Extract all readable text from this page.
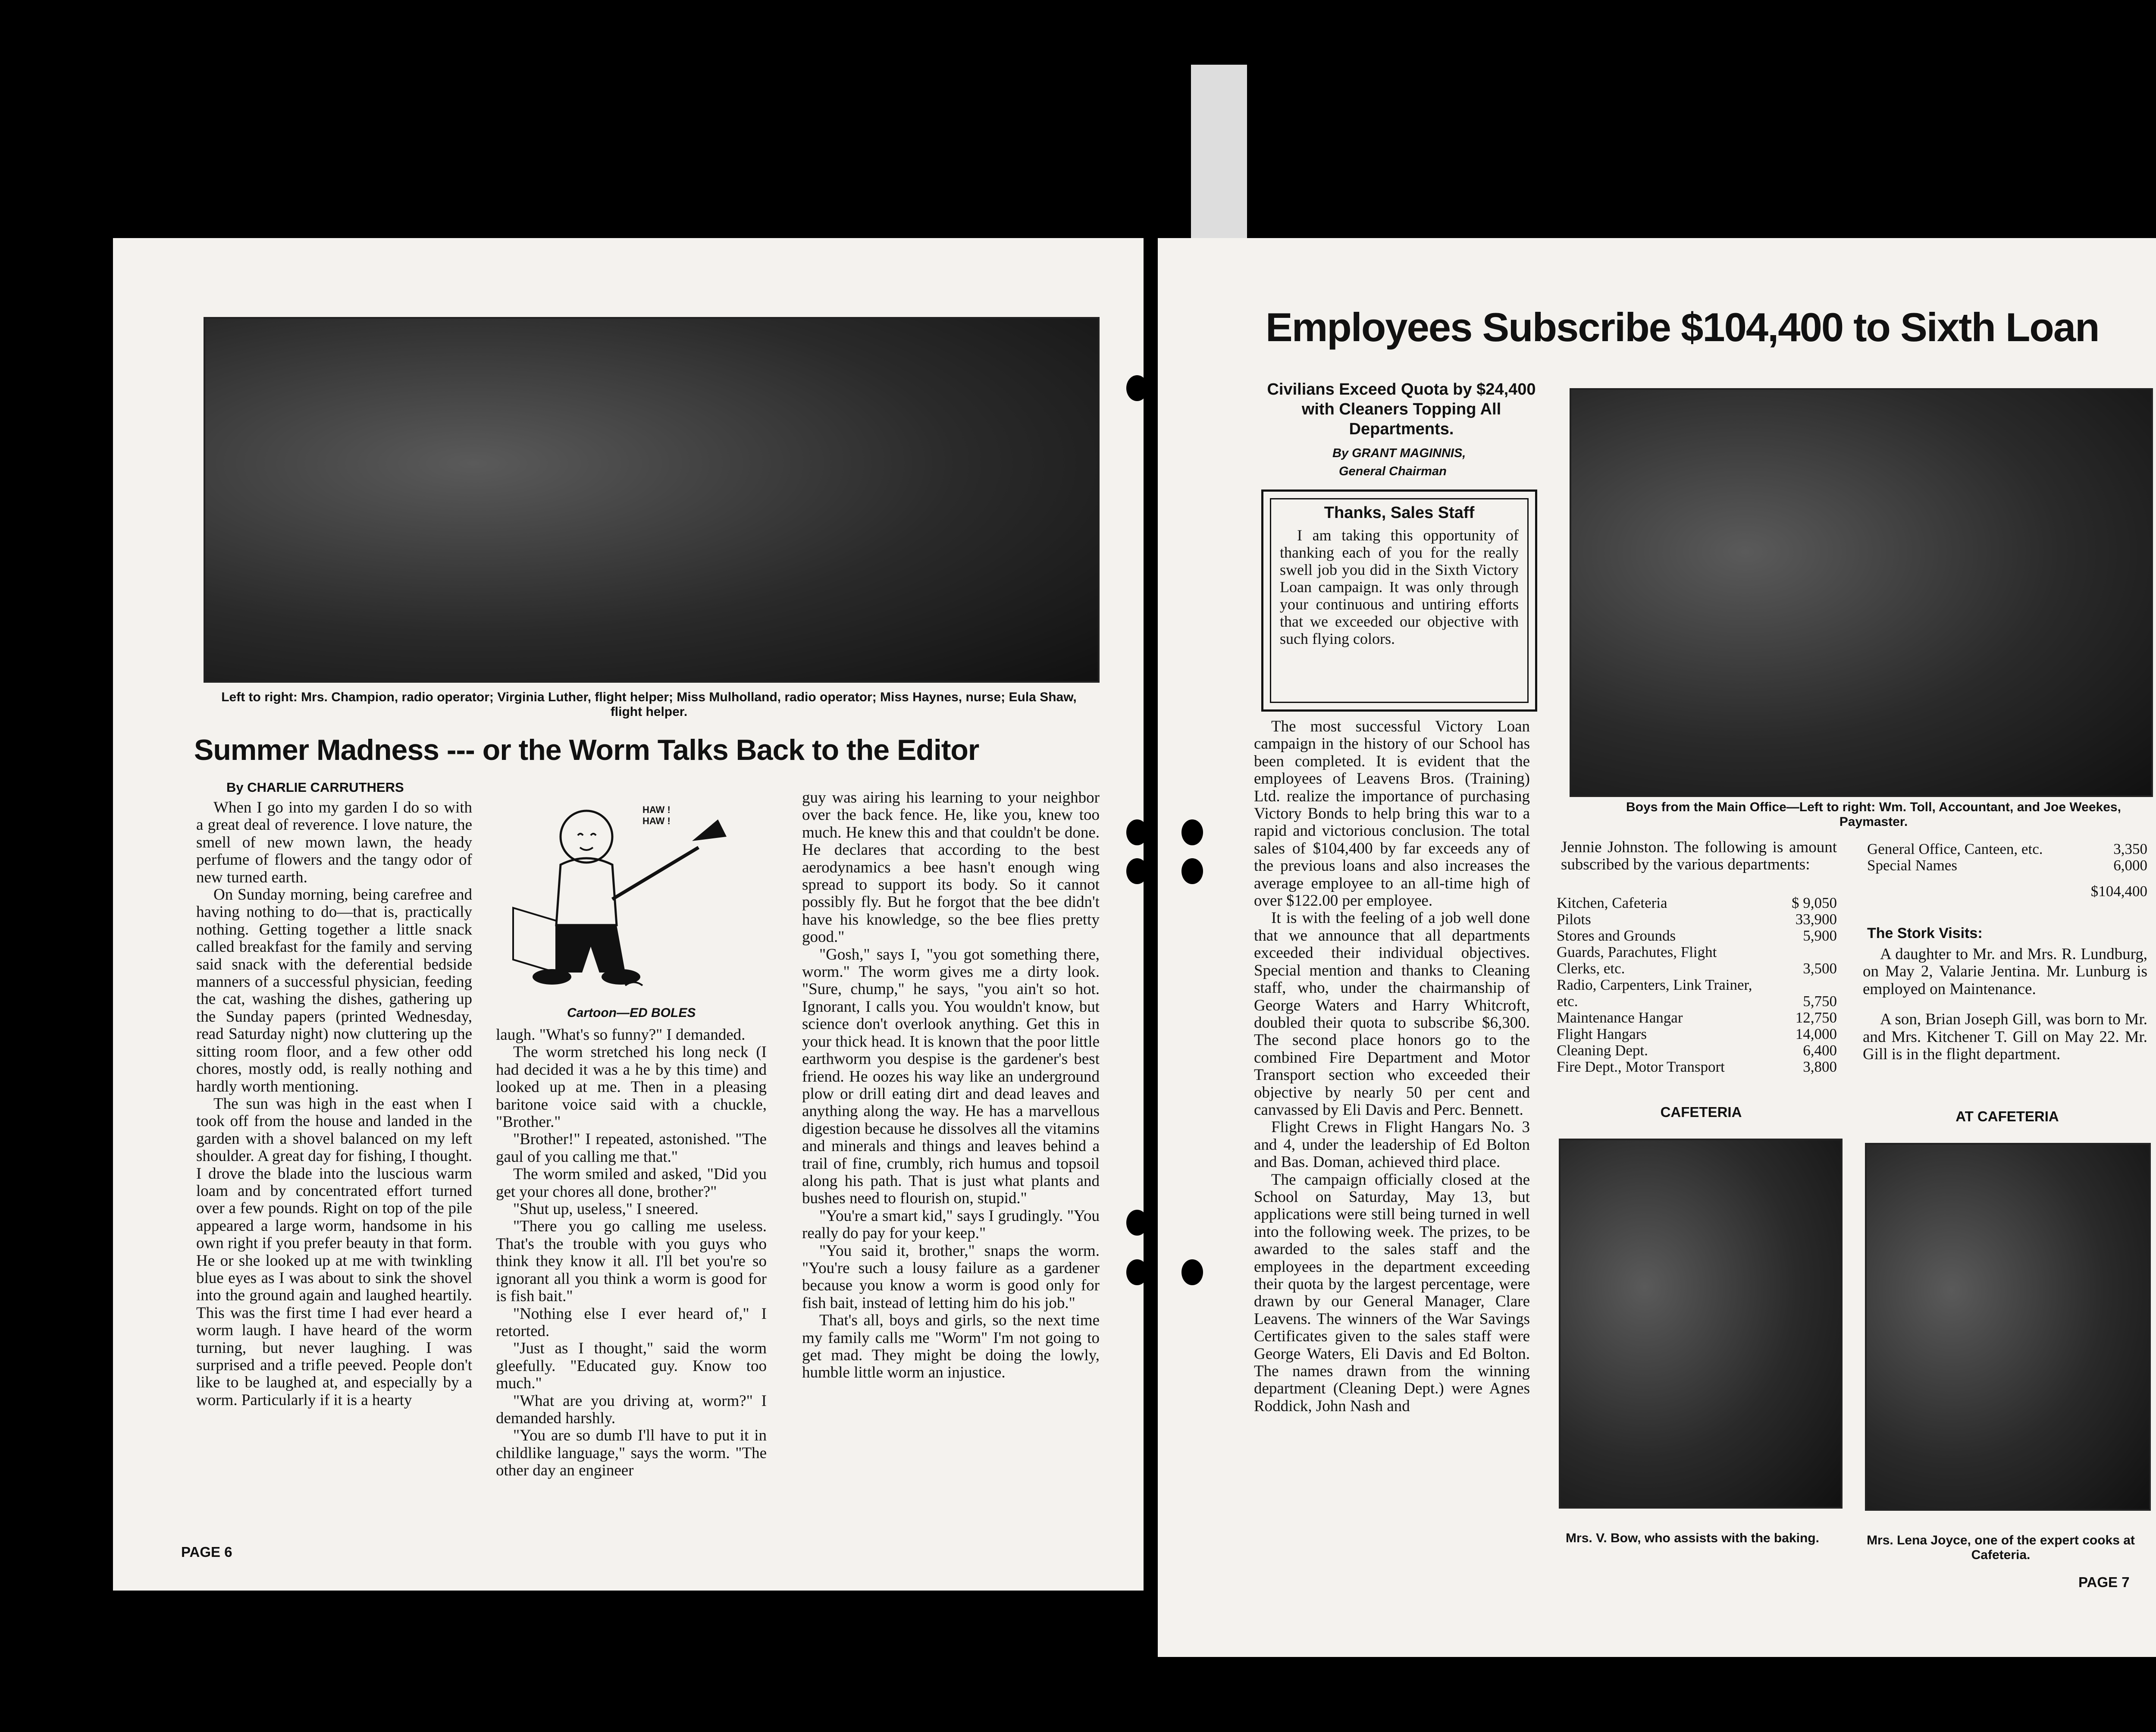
Left to right: Mrs. Champion, radio operator; Virginia Luther, flight helper; Miss Mulholland, radio operator; Miss Haynes, nurse; Eula Shaw, flight helper.
Summer Madness --- or the Worm Talks Back to the Editor
By CHARLIE CARRUTHERS

When I go into my garden I do so with a great deal of reverence. I love nature, the smell of new mown lawn, the heady perfume of flowers and the tangy odor of new turned earth.

On Sunday morning, being carefree and having nothing to do—that is, practically nothing. Getting together a little snack called breakfast for the family and serving said snack with the deferential bedside manners of a successful physician, feeding the cat, washing the dishes, gathering up the Sunday papers (printed Wednesday, read Saturday night) now cluttering up the sitting room floor, and a few other odd chores, mostly odd, is really nothing and hardly worth mentioning.

The sun was high in the east when I took off from the house and landed in the garden with a shovel balanced on my left shoulder. A great day for fishing, I thought. I drove the blade into the luscious warm loam and by concentrated effort turned over a few pounds. Right on top of the pile appeared a large worm, handsome in his own right if you prefer beauty in that form. He or she looked up at me with twinkling blue eyes as I was about to sink the shovel into the ground again and laughed heartily. This was the first time I had ever heard a worm laugh. I have heard of the worm turning, but never laughing. I was surprised and a trifle peeved. People don't like to be laughed at, and especially by a worm. Particularly if it is a hearty

HAW ! HAW !
Cartoon—ED BOLES

laugh. "What's so funny?" I demanded.

The worm stretched his long neck (I had decided it was a he by this time) and looked up at me. Then in a pleasing baritone voice said with a chuckle, "Brother."

"Brother!" I repeated, astonished. "The gaul of you calling me that."

The worm smiled and asked, "Did you get your chores all done, brother?"

"Shut up, useless," I sneered.

"There you go calling me useless. That's the trouble with you guys who think they know it all. I'll bet you're so ignorant all you think a worm is good for is fish bait."

"Nothing else I ever heard of," I retorted.

"Just as I thought," said the worm gleefully. "Educated guy. Know too much."

"What are you driving at, worm?" I demanded harshly.

"You are so dumb I'll have to put it in childlike language," says the worm. "The other day an engineer

guy was airing his learning to your neighbor over the back fence. He, like you, knew too much. He knew this and that couldn't be done. He declares that according to the best aerodynamics a bee hasn't enough wing spread to support its body. So it cannot possibly fly. But he forgot that the bee didn't have his knowledge, so the bee flies pretty good."

"Gosh," says I, "you got something there, worm." The worm gives me a dirty look. "Sure, chump," he says, "you ain't so hot. Ignorant, I calls you. You wouldn't know, but science don't overlook anything. Get this in your thick head. It is known that the poor little earthworm you despise is the gardener's best friend. He oozes his way like an underground plow or drill eating dirt and dead leaves and anything along the way. He has a marvellous digestion because he dissolves all the vitamins and minerals and things and leaves behind a trail of fine, crumbly, rich humus and topsoil along his path. That is just what plants and bushes need to flourish on, stupid."

"You're a smart kid," says I grudingly. "You really do pay for your keep."

"You said it, brother," snaps the worm. "You're such a lousy failure as a gardener because you know a worm is good only for fish bait, instead of letting him do his job."

That's all, boys and girls, so the next time my family calls me "Worm" I'm not going to get mad. They might be doing the lowly, humble little worm an injustice.

PAGE 6
Employees Subscribe $104,400 to Sixth Loan
Civilians Exceed Quota by $24,400 with Cleaners Topping All Departments.
By GRANT MAGINNIS,
General Chairman
Thanks, Sales Staff
I am taking this opportunity of thanking each of you for the really swell job you did in the Sixth Victory Loan campaign. It was only through your continuous and untiring efforts that we exceeded our objective with such flying colors.
Boys from the Main Office—Left to right: Wm. Toll, Accountant, and Joe Weekes, Paymaster.

The most successful Victory Loan campaign in the history of our School has been completed. It is evident that the employees of Leavens Bros. (Training) Ltd. realize the importance of purchasing Victory Bonds to help bring this war to a rapid and victorious conclusion. The total sales of $104,400 by far exceeds any of the previous loans and also increases the average employee to an all-time high of over $122.00 per employee.

It is with the feeling of a job well done that we announce that all departments exceeded their individual objectives. Special mention and thanks to Cleaning staff, who, under the chairmanship of George Waters and Harry Whitcroft, doubled their quota to subscribe $6,300. The second place honors go to the combined Fire Department and Motor Transport section who exceeded their objective by nearly 50 per cent and canvassed by Eli Davis and Perc. Bennett.

Flight Crews in Flight Hangars No. 3 and 4, under the leadership of Ed Bolton and Bas. Doman, achieved third place.

The campaign officially closed at the School on Saturday, May 13, but applications were still being turned in well into the following week. The prizes, to be awarded to the sales staff and the employees in the department exceeding their quota by the largest percentage, were drawn by our General Manager, Clare Leavens. The winners of the War Savings Certificates given to the sales staff were George Waters, Eli Davis and Ed Bolton. The names drawn from the winning department (Cleaning Dept.) were Agnes Roddick, John Nash and

Jennie Johnston. The following is amount subscribed by the various departments:
Kitchen, Cafeteria	$ 9,050
Pilots	33,900
Stores and Grounds	5,900
Guards, Parachutes, Flight Clerks, etc.	3,500
Radio, Carpenters, Link Trainer, etc.	5,750
Maintenance Hangar	12,750
Flight Hangars	14,000
Cleaning Dept.	6,400
Fire Dept., Motor Transport	3,800
General Office, Canteen, etc.	3,350
Special Names	6,000
$104,400
The Stork Visits:

A daughter to Mr. and Mrs. R. Lundburg, on May 2, Valarie Jentina. Mr. Lunburg is employed on Maintenance.

A son, Brian Joseph Gill, was born to Mr. and Mrs. Kitchener T. Gill on May 22. Mr. Gill is in the flight department.

CAFETERIA	AT CAFETERIA
Mrs. V. Bow, who assists with the baking.	Mrs. Lena Joyce, one of the expert cooks at Cafeteria.
PAGE 7
